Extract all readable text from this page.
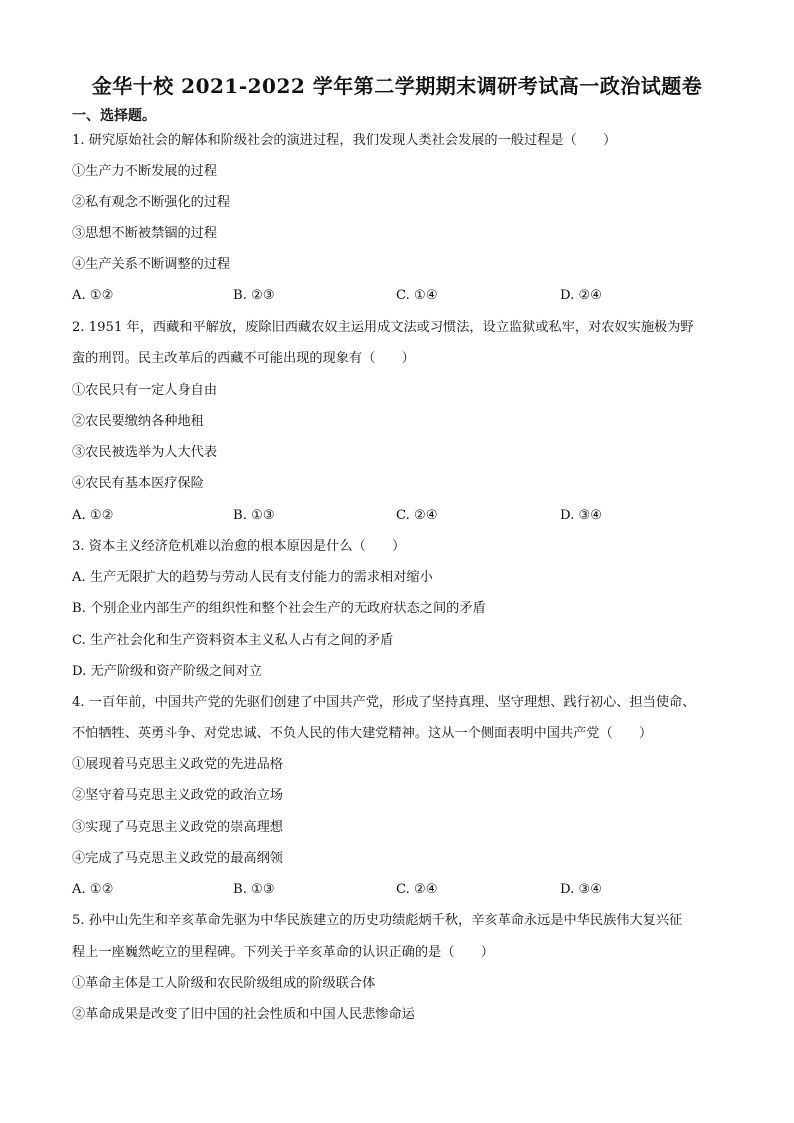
金华十校 2021-2022 学年第二学期期末调研考试高一政治试题卷
一、选择题。
1. 研究原始社会的解体和阶级社会的演进过程，我们发现人类社会发展的一般过程是（　　）
①生产力不断发展的过程
②私有观念不断强化的过程
③思想不断被禁锢的过程
④生产关系不断调整的过程
A. ①②	B. ②③	C. ①④	D. ②④
2. 1951 年，西藏和平解放，废除旧西藏农奴主运用成文法或习惯法，设立监狱或私牢，对农奴实施极为野
蛮的刑罚。民主改革后的西藏不可能出现的现象有（　　）
①农民只有一定人身自由
②农民要缴纳各种地租
③农民被选举为人大代表
④农民有基本医疗保险
A. ①②	B. ①③	C. ②④	D. ③④
3. 资本主义经济危机难以治愈的根本原因是什么（　　）
A. 生产无限扩大的趋势与劳动人民有支付能力的需求相对缩小
B. 个别企业内部生产的组织性和整个社会生产的无政府状态之间的矛盾
C. 生产社会化和生产资料资本主义私人占有之间的矛盾
D. 无产阶级和资产阶级之间对立
4. 一百年前，中国共产党的先驱们创建了中国共产党，形成了坚持真理、坚守理想、践行初心、担当使命、
不怕牺牲、英勇斗争、对党忠诚、不负人民的伟大建党精神。这从一个侧面表明中国共产党（　　）
①展现着马克思主义政党的先进品格
②坚守着马克思主义政党的政治立场
③实现了马克思主义政党的崇高理想
④完成了马克思主义政党的最高纲领
A. ①②	B. ①③	C. ②④	D. ③④
5. 孙中山先生和辛亥革命先驱为中华民族建立的历史功绩彪炳千秋，辛亥革命永远是中华民族伟大复兴征
程上一座巍然屹立的里程碑。下列关于辛亥革命的认识正确的是（　　）
①革命主体是工人阶级和农民阶级组成的阶级联合体
②革命成果是改变了旧中国的社会性质和中国人民悲惨命运
